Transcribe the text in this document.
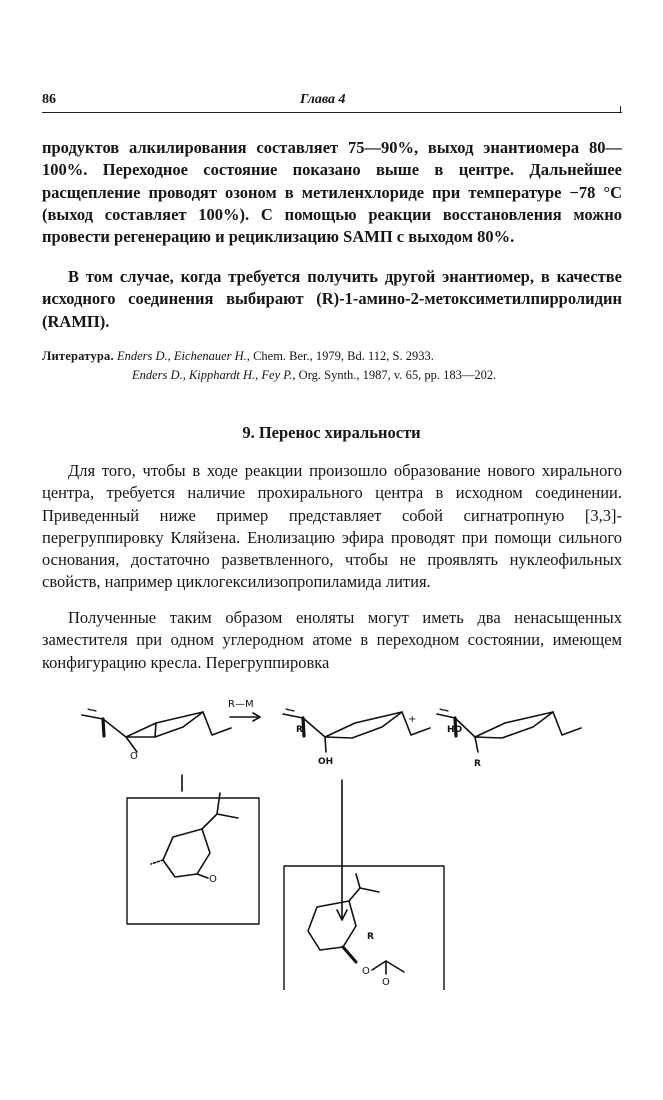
86	Глава 4

продуктов алкилирования составляет 75—90%, выход энантиомера 80—100%. Переходное состояние показано выше в центре. Дальнейшее расщепление проводят озоном в метиленхлориде при температуре −78 °C (выход составляет 100%). С помощью реакции восстановления можно провести регенерацию и рециклизацию SAMП с выходом 80%.

В том случае, когда требуется получить другой энантиомер, в качестве исходного соединения выбирают (R)-1-амино-2-метоксиметилпирролидин (RAMП).

Литература. Enders D., Eichenauer H., Chem. Ber., 1979, Bd. 112, S. 2933.
Enders D., Kipphardt H., Fey P., Org. Synth., 1987, v. 65, pp. 183—202.
9. Перенос хиральности

Для того, чтобы в ходе реакции произошло образование нового хирального центра, требуется наличие прохирального центра в исходном соединении. Приведенный ниже пример представляет собой сигнатропную [3,3]-перегруппировку Кляйзена. Енолизацию эфира проводят при помощи сильного основания, достаточно разветвленного, чтобы не проявлять нуклеофильных свойств, например циклогексилизопропиламида лития.

Полученные таким образом еноляты могут иметь два ненасыщенных заместителя при одном углеродном атоме в переходном состоянии, имеющем конфигурацию кресла. Перегруппировка

R—M
O
R
+
OH
HO
R
O
R
O
O
